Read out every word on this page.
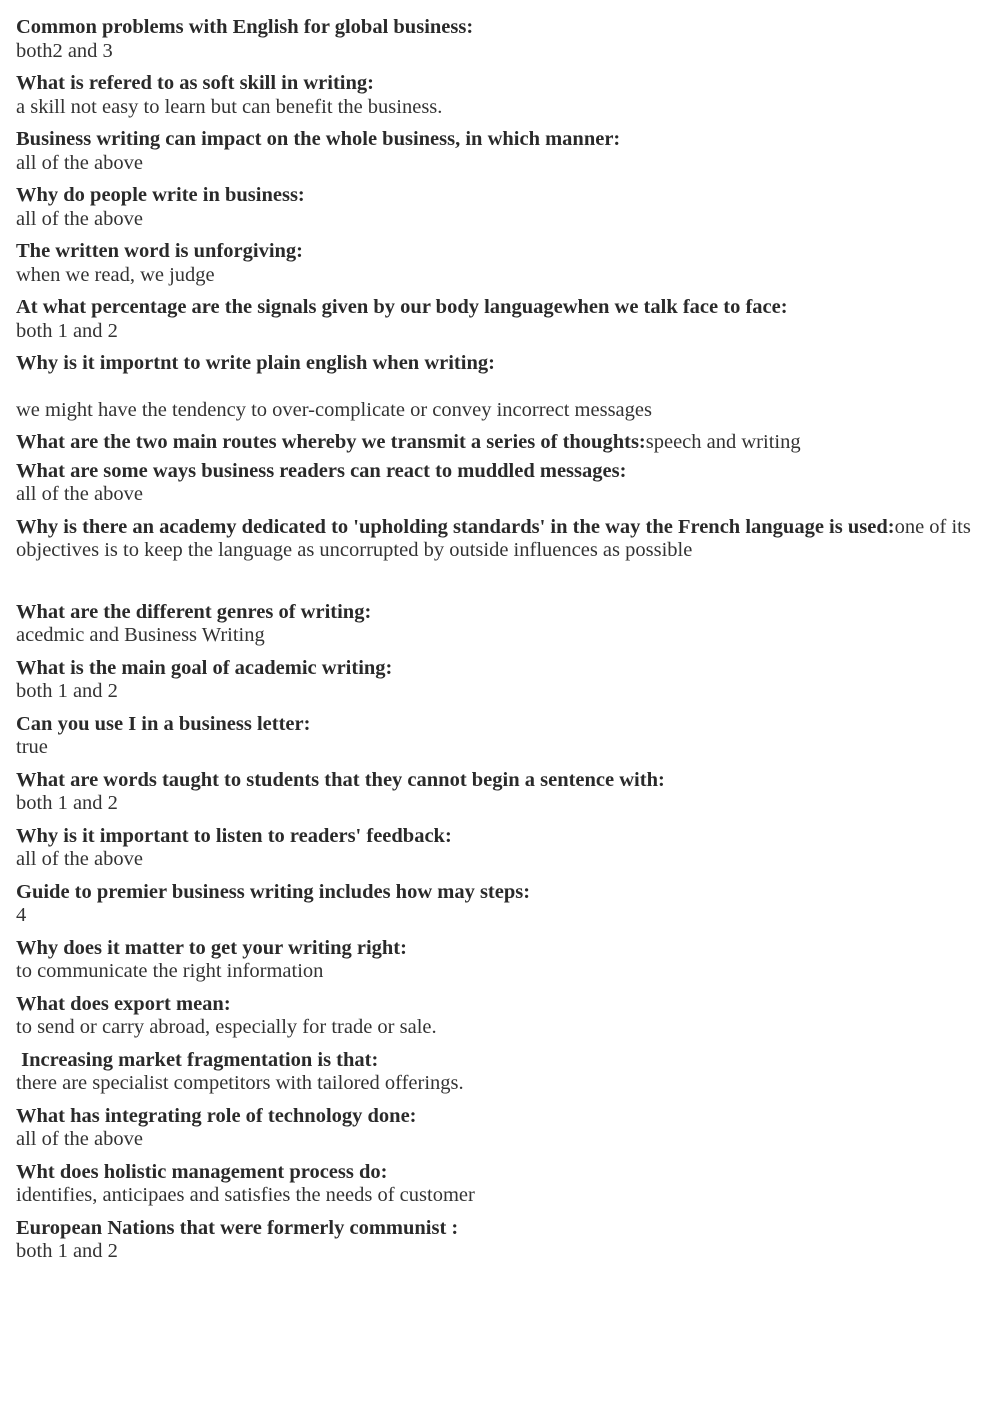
Common problems with English for global business:
both2 and 3
What is refered to as soft skill in writing:
a skill not easy to learn but can benefit the business.
Business writing can impact on the whole business, in which manner:
all of the above
Why do people write in business:
all of the above
The written word is unforgiving:
when we read, we judge
At what percentage are the signals given by our body languagewhen we talk face to face:
both 1 and 2
Why is it importnt to write plain english when writing:
we might have the tendency to over-complicate or convey incorrect messages
What are the two main routes whereby we transmit a series of thoughts:speech and writing
What are some ways business readers can react to muddled messages:
all of the above
Why is there an academy dedicated to 'upholding standards' in the way the French language is used:one of its objectives is to keep the language as uncorrupted by outside influences as possible
What are the different genres of writing:
acedmic and Business Writing
What is the main goal of academic writing:
both 1 and 2
Can you use I in a business letter:
true
What are words taught to students that they cannot begin a sentence with:
both 1 and 2
Why is it important to listen to readers' feedback:
all of the above
Guide to premier business writing includes how may steps:
4
Why does it matter to get your writing right:
to communicate the right information
What does export mean:
to send or carry abroad, especially for trade or sale.
Increasing market fragmentation is that:
there are specialist competitors with tailored offerings.
What has integrating role of technology done:
all of the above
Wht does holistic management process do:
identifies, anticipaes and satisfies the needs of customer
European Nations that were formerly communist :
both 1 and 2
